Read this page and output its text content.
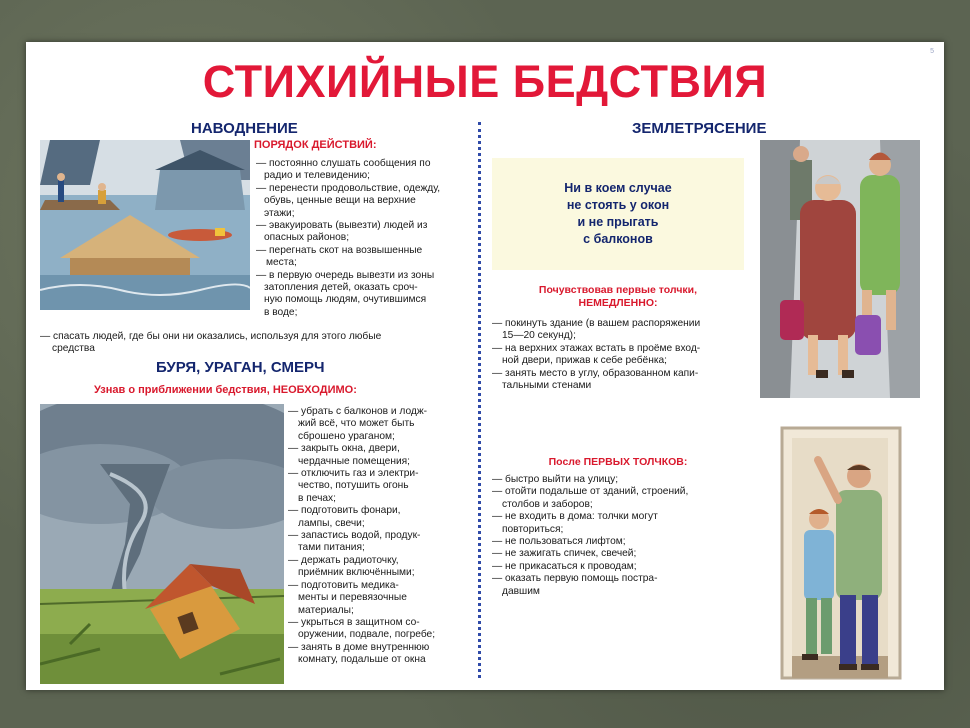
5
СТИХИЙНЫЕ БЕДСТВИЯ
НАВОДНЕНИЕ
ПОРЯДОК ДЕЙСТВИЙ:

— постоянно слушать сообщения по

радио и телевидению;

— перенести продовольствие, одежду,

обувь, ценные вещи на верхние

этажи;

— эвакуировать (вывезти) людей из

опасных районов;

— перегнать скот на возвышенные

места;

— в первую очередь вывезти из зоны

затопления детей, оказать сроч-

ную помощь людям, очутившимся

в воде;

— спасать людей, где бы они ни оказались, используя для этого любые

средства

БУРЯ, УРАГАН, СМЕРЧ
Узнав о приближении бедствия, НЕОБХОДИМО:

— убрать с балконов и лодж-

жий всё, что может быть

сброшено ураганом;

— закрыть окна, двери,

чердачные помещения;

— отключить газ и электри-

чество, потушить огонь

в печах;

— подготовить фонари,

лампы, свечи;

— запастись водой, продук-

тами питания;

— держать радиоточку,

приёмник включёнными;

— подготовить медика-

менты и перевязочные

материалы;

— укрыться в защитном со-

оружении, подвале, погребе;

— занять в доме внутреннюю

комнату, подальше от окна

ЗЕМЛЕТРЯСЕНИЕ

Ни в коем случае

не стоять у окон

и не прыгать

с балконов

Почувствовав первые толчки,
НЕМЕДЛЕННО:

— покинуть здание (в вашем распоряжении

15—20 секунд);

— на верхних этажах встать в проёме вход-

ной двери, прижав к себе ребёнка;

— занять место в углу, образованном капи-

тальными стенами

После ПЕРВЫХ ТОЛЧКОВ:

— быстро выйти на улицу;

— отойти подальше от зданий, строений,

столбов и заборов;

— не входить в дома: толчки могут

повториться;

— не пользоваться лифтом;

— не зажигать спичек, свечей;

— не прикасаться к проводам;

— оказать первую помощь постра-

давшим
